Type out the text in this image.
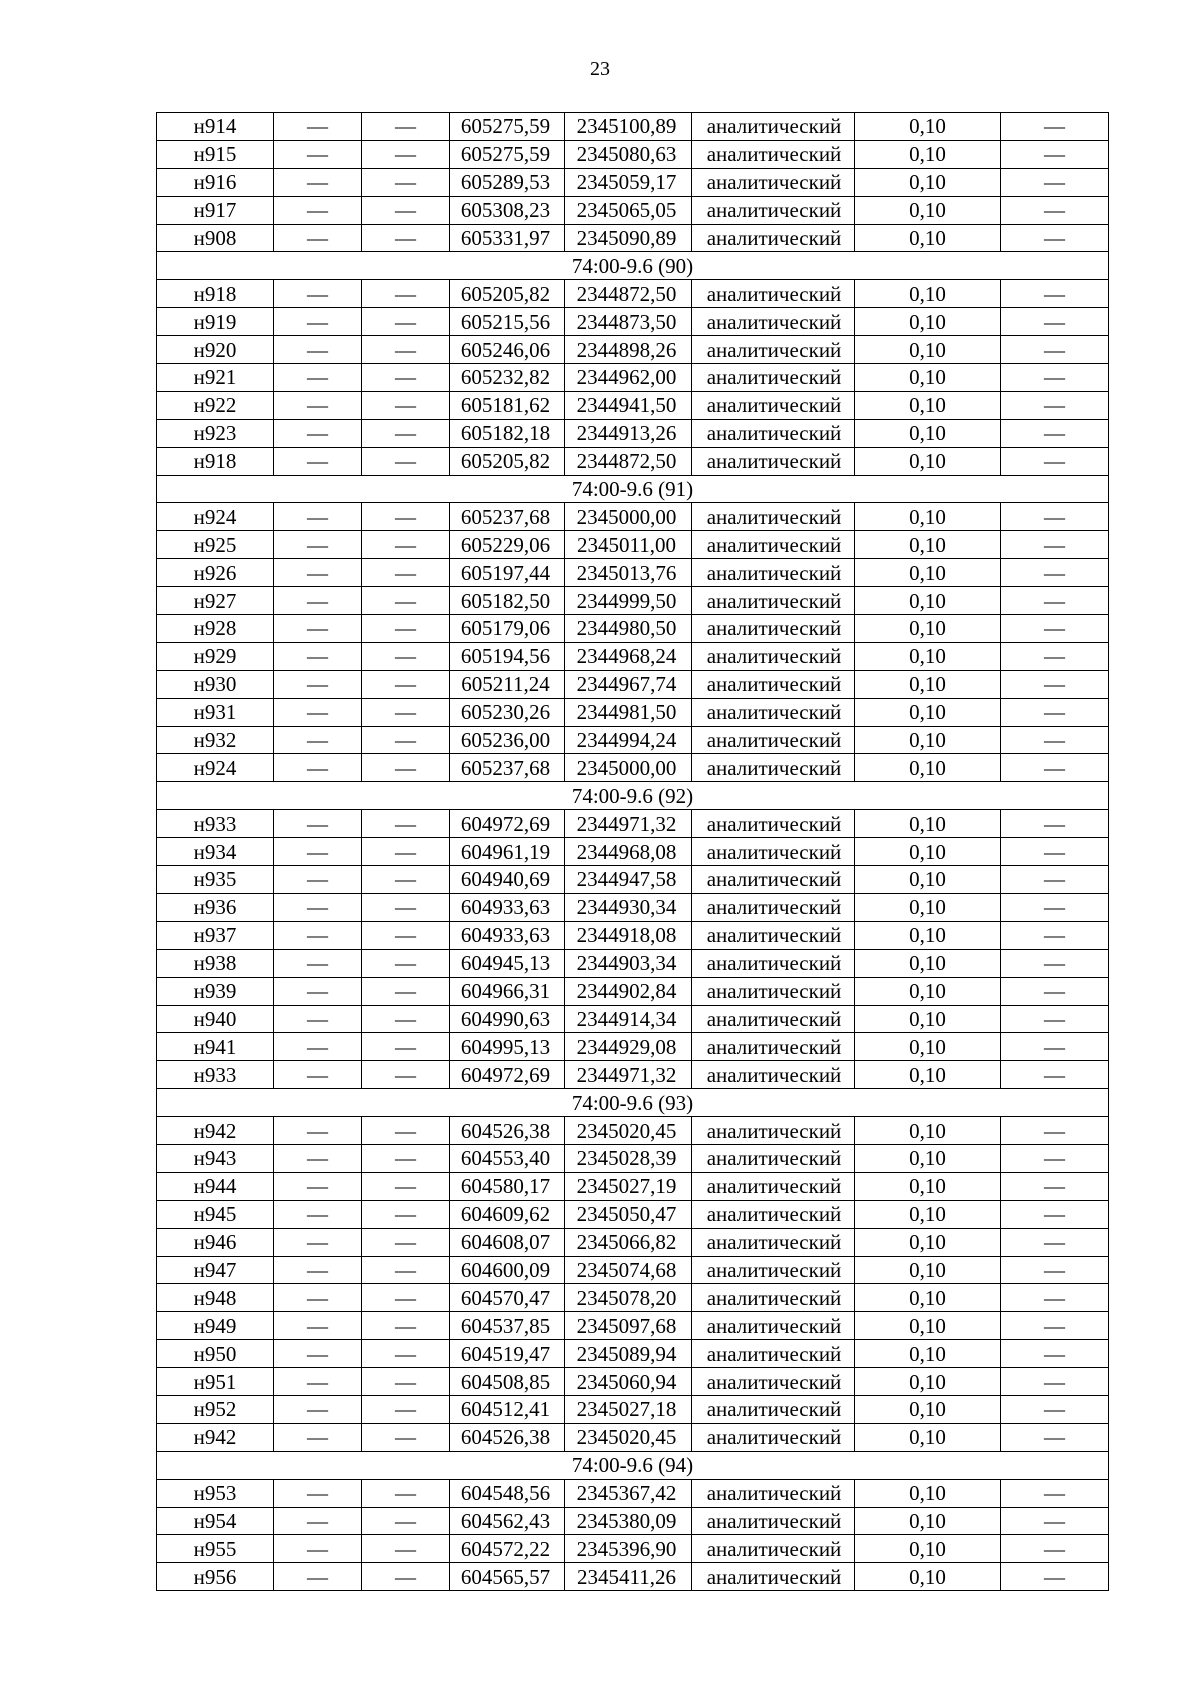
23
н914	—	—	605275,59	2345100,89	аналитический	0,10	—
н915	—	—	605275,59	2345080,63	аналитический	0,10	—
н916	—	—	605289,53	2345059,17	аналитический	0,10	—
н917	—	—	605308,23	2345065,05	аналитический	0,10	—
н908	—	—	605331,97	2345090,89	аналитический	0,10	—
74:00-9.6 (90)							
н918	—	—	605205,82	2344872,50	аналитический	0,10	—
н919	—	—	605215,56	2344873,50	аналитический	0,10	—
н920	—	—	605246,06	2344898,26	аналитический	0,10	—
н921	—	—	605232,82	2344962,00	аналитический	0,10	—
н922	—	—	605181,62	2344941,50	аналитический	0,10	—
н923	—	—	605182,18	2344913,26	аналитический	0,10	—
н918	—	—	605205,82	2344872,50	аналитический	0,10	—
74:00-9.6 (91)							
н924	—	—	605237,68	2345000,00	аналитический	0,10	—
н925	—	—	605229,06	2345011,00	аналитический	0,10	—
н926	—	—	605197,44	2345013,76	аналитический	0,10	—
н927	—	—	605182,50	2344999,50	аналитический	0,10	—
н928	—	—	605179,06	2344980,50	аналитический	0,10	—
н929	—	—	605194,56	2344968,24	аналитический	0,10	—
н930	—	—	605211,24	2344967,74	аналитический	0,10	—
н931	—	—	605230,26	2344981,50	аналитический	0,10	—
н932	—	—	605236,00	2344994,24	аналитический	0,10	—
н924	—	—	605237,68	2345000,00	аналитический	0,10	—
74:00-9.6 (92)							
н933	—	—	604972,69	2344971,32	аналитический	0,10	—
н934	—	—	604961,19	2344968,08	аналитический	0,10	—
н935	—	—	604940,69	2344947,58	аналитический	0,10	—
н936	—	—	604933,63	2344930,34	аналитический	0,10	—
н937	—	—	604933,63	2344918,08	аналитический	0,10	—
н938	—	—	604945,13	2344903,34	аналитический	0,10	—
н939	—	—	604966,31	2344902,84	аналитический	0,10	—
н940	—	—	604990,63	2344914,34	аналитический	0,10	—
н941	—	—	604995,13	2344929,08	аналитический	0,10	—
н933	—	—	604972,69	2344971,32	аналитический	0,10	—
74:00-9.6 (93)							
н942	—	—	604526,38	2345020,45	аналитический	0,10	—
н943	—	—	604553,40	2345028,39	аналитический	0,10	—
н944	—	—	604580,17	2345027,19	аналитический	0,10	—
н945	—	—	604609,62	2345050,47	аналитический	0,10	—
н946	—	—	604608,07	2345066,82	аналитический	0,10	—
н947	—	—	604600,09	2345074,68	аналитический	0,10	—
н948	—	—	604570,47	2345078,20	аналитический	0,10	—
н949	—	—	604537,85	2345097,68	аналитический	0,10	—
н950	—	—	604519,47	2345089,94	аналитический	0,10	—
н951	—	—	604508,85	2345060,94	аналитический	0,10	—
н952	—	—	604512,41	2345027,18	аналитический	0,10	—
н942	—	—	604526,38	2345020,45	аналитический	0,10	—
74:00-9.6 (94)							
н953	—	—	604548,56	2345367,42	аналитический	0,10	—
н954	—	—	604562,43	2345380,09	аналитический	0,10	—
н955	—	—	604572,22	2345396,90	аналитический	0,10	—
н956	—	—	604565,57	2345411,26	аналитический	0,10	—
